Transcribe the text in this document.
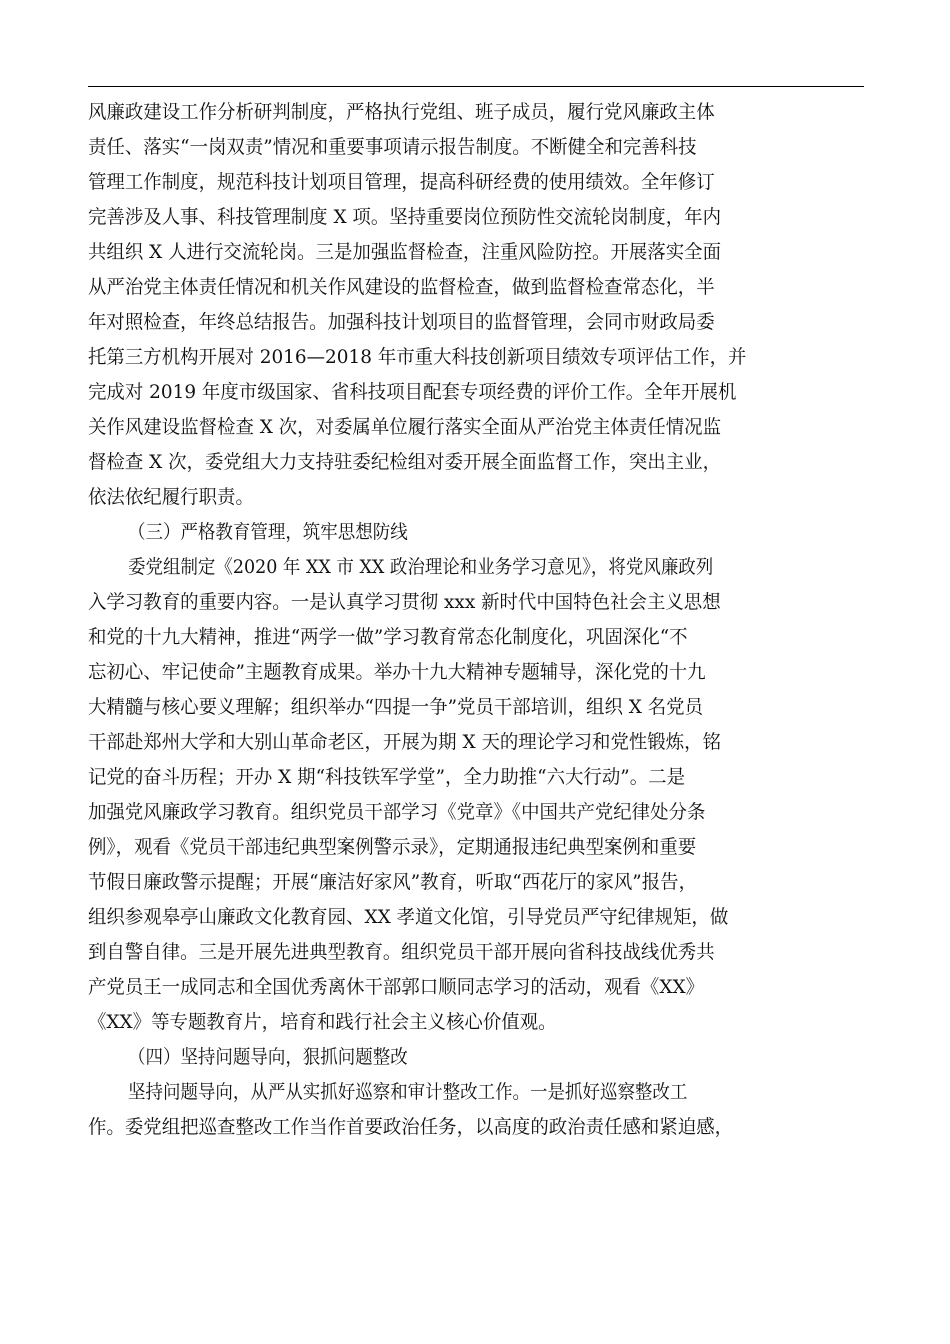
风廉政建设工作分析研判制度，严格执行党组、班子成员，履行党风廉政主体
责任、落实“一岗双责”情况和重要事项请示报告制度。不断健全和完善科技
管理工作制度，规范科技计划项目管理，提高科研经费的使用绩效。全年修订
完善涉及人事、科技管理制度 X 项。坚持重要岗位预防性交流轮岗制度，年内
共组织 X 人进行交流轮岗。三是加强监督检查，注重风险防控。开展落实全面
从严治党主体责任情况和机关作风建设的监督检查，做到监督检查常态化，半
年对照检查，年终总结报告。加强科技计划项目的监督管理，会同市财政局委
托第三方机构开展对 2016—2018 年市重大科技创新项目绩效专项评估工作，并
完成对 2019 年度市级国家、省科技项目配套专项经费的评价工作。全年开展机
关作风建设监督检查 X 次，对委属单位履行落实全面从严治党主体责任情况监
督检查 X 次，委党组大力支持驻委纪检组对委开展全面监督工作，突出主业，
依法依纪履行职责。
（三）严格教育管理，筑牢思想防线
委党组制定《2020 年 XX 市 XX 政治理论和业务学习意见》，将党风廉政列
入学习教育的重要内容。一是认真学习贯彻 xxx 新时代中国特色社会主义思想
和党的十九大精神，推进“两学一做”学习教育常态化制度化，巩固深化“不
忘初心、牢记使命”主题教育成果。举办十九大精神专题辅导，深化党的十九
大精髓与核心要义理解；组织举办“四提一争”党员干部培训，组织 X 名党员
干部赴郑州大学和大别山革命老区，开展为期 X 天的理论学习和党性锻炼，铭
记党的奋斗历程；开办 X 期“科技铁军学堂”，全力助推“六大行动”。二是
加强党风廉政学习教育。组织党员干部学习《党章》《中国共产党纪律处分条
例》，观看《党员干部违纪典型案例警示录》，定期通报违纪典型案例和重要
节假日廉政警示提醒；开展“廉洁好家风”教育，听取“西花厅的家风”报告，
组织参观皋亭山廉政文化教育园、XX 孝道文化馆，引导党员严守纪律规矩，做
到自警自律。三是开展先进典型教育。组织党员干部开展向省科技战线优秀共
产党员王一成同志和全国优秀离休干部郭口顺同志学习的活动，观看《XX》
《XX》等专题教育片，培育和践行社会主义核心价值观。
（四）坚持问题导向，狠抓问题整改
坚持问题导向，从严从实抓好巡察和审计整改工作。一是抓好巡察整改工
作。委党组把巡查整改工作当作首要政治任务，以高度的政治责任感和紧迫感，
